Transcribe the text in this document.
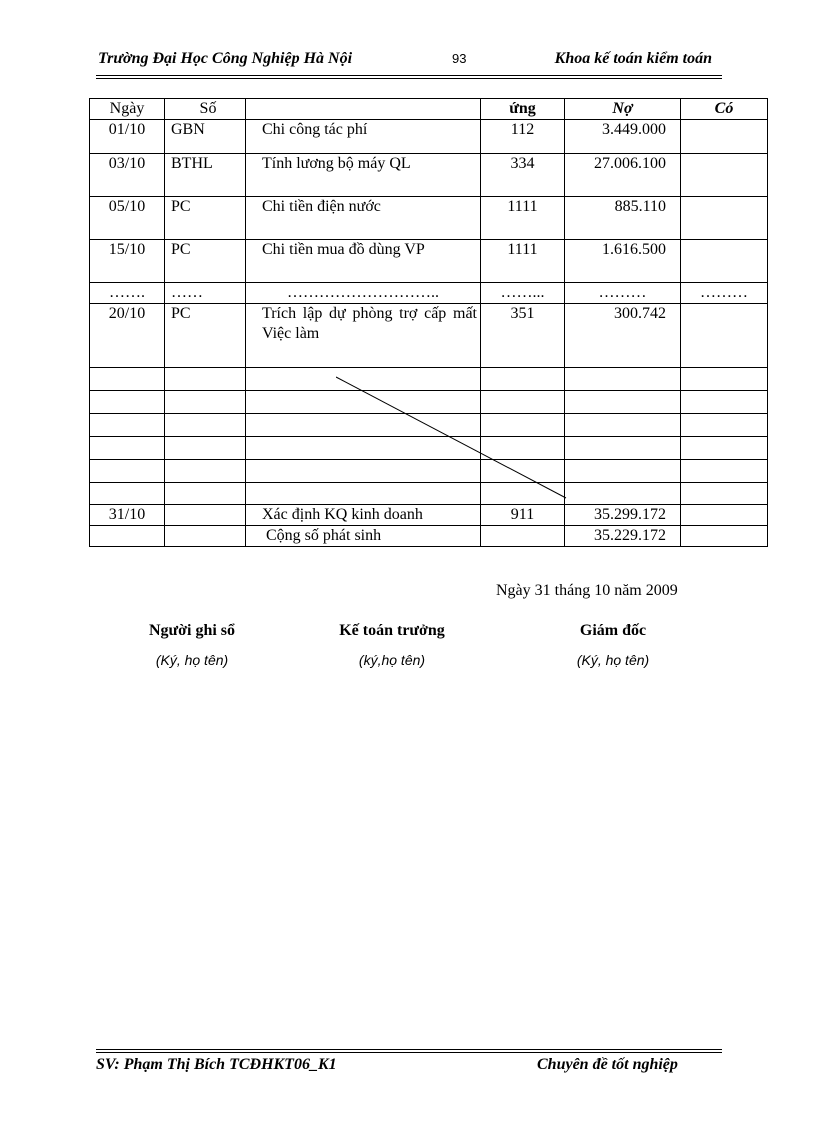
Trường Đại Học Công Nghiệp Hà Nội	93	Khoa kế toán kiểm toán
Ngày	Số		ứng	Nợ	Có
01/10	GBN	Chi công tác phí	112	3.449.000	
03/10	BTHL	Tính lương bộ máy QL	334	27.006.100	
05/10	PC	Chi tiền điện nước	1111	885.110	
15/10	PC	Chi tiền mua đồ dùng VP	1111	1.616.500	
…….	……	………………………..	……...	………	………
20/10	PC	Trích lập dự phòng trợ cấp mất Việc làm	351	300.742	

31/10		Xác định KQ kinh doanh	911	35.299.172	
		Cộng số phát sinh		35.229.172	
Ngày 31 tháng 10 năm 2009
Người ghi sổ
(Ký, họ tên)
Kế toán trưởng
(ký,họ tên)
Giám đốc
(Ký, họ tên)
SV: Phạm Thị Bích TCĐHKT06_K1	Chuyên đề tốt nghiệp
